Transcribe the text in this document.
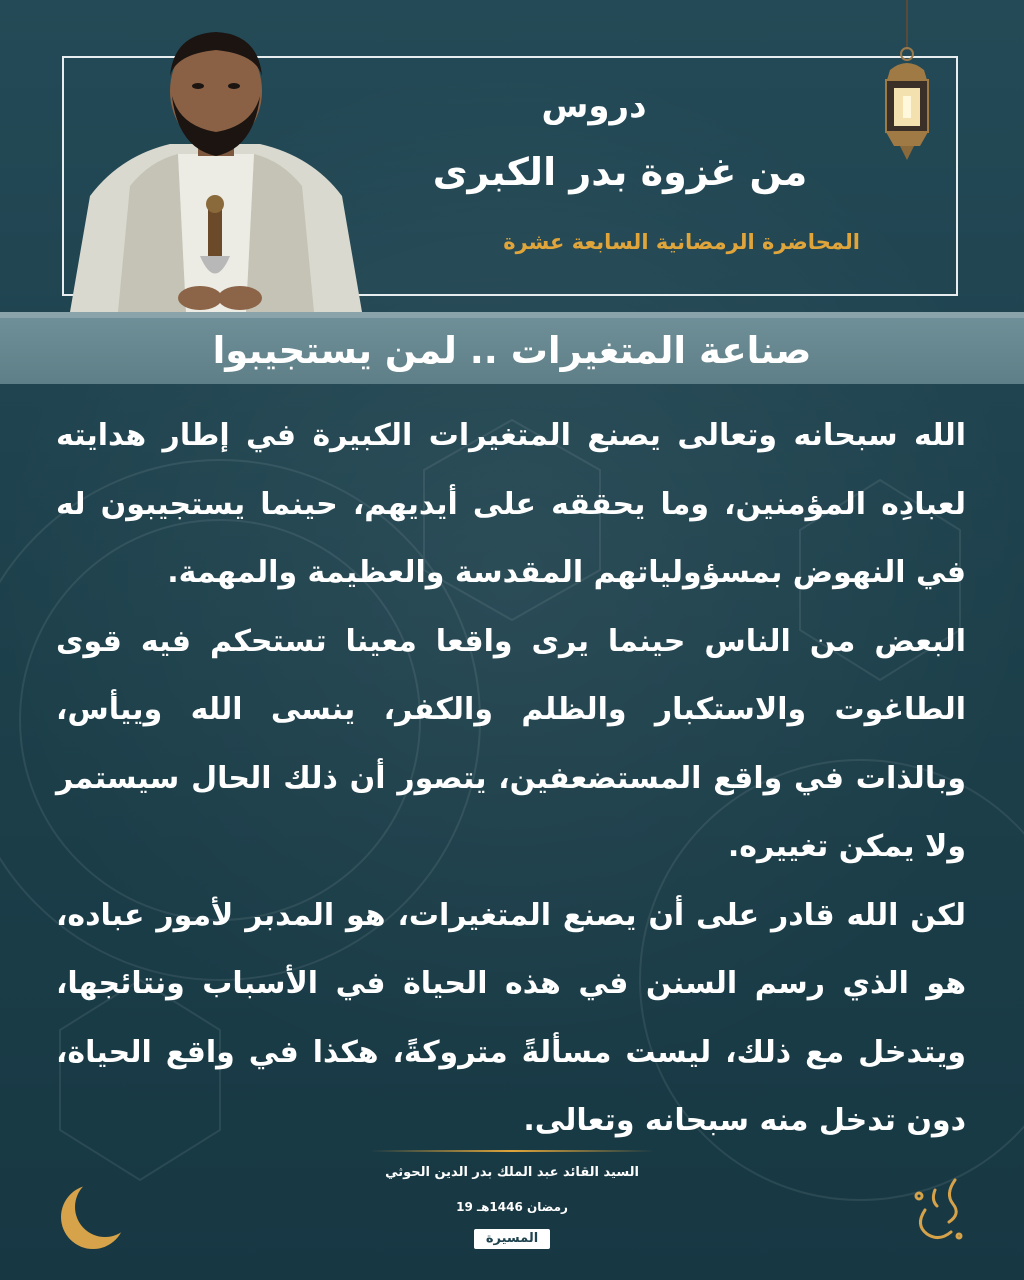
دروس
من غزوة بدر الكبرى
المحاضرة الرمضانية السابعة عشرة
صناعة المتغيرات .. لمن يستجيبوا

الله سبحانه وتعالى يصنع المتغيرات الكبيرة في إطار هدايته لعبادِه المؤمنين، وما يحققه على أيديهم، حينما يستجيبون له في النهوض بمسؤولياتهم المقدسة والعظيمة والمهمة.

البعض من الناس حينما يرى واقعا معينا تستحكم فيه قوى الطاغوت والاستكبار والظلم والكفر، ينسى الله وييأس، وبالذات في واقع المستضعفين، يتصور أن ذلك الحال سيستمر ولا يمكن تغييره.

لكن الله قادر على أن يصنع المتغيرات، هو المدبر لأمور عباده، هو الذي رسم السنن في هذه الحياة في الأسباب ونتائجها، ويتدخل مع ذلك، ليست مسألةً متروكةً، هكذا في واقع الحياة، دون تدخل منه سبحانه وتعالى.

السيد القائد عبد الملك بدر الدين الحوثي
19 رمضان 1446هـ
المسيرة
